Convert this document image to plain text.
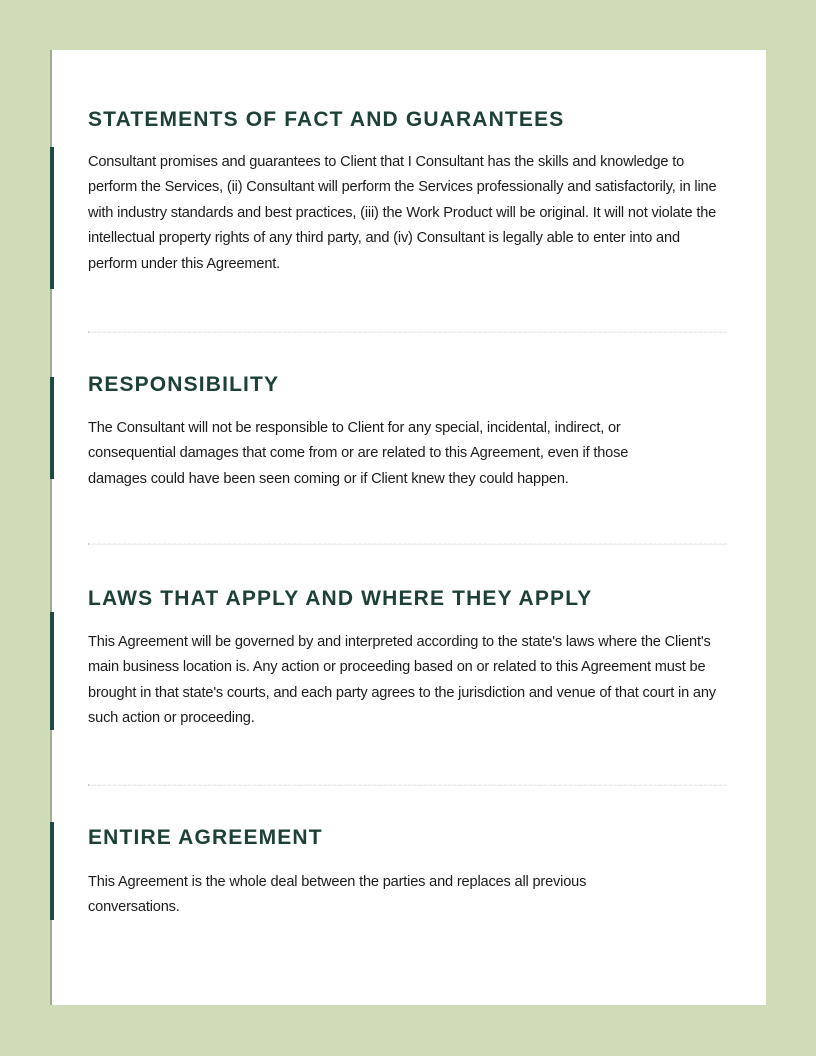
STATEMENTS OF FACT AND GUARANTEES

Consultant promises and guarantees to Client that I Consultant has the skills and knowledge to perform the Services, (ii) Consultant will perform the Services professionally and satisfactorily, in line with industry standards and best practices, (iii) the Work Product will be original. It will not violate the intellectual property rights of any third party, and (iv) Consultant is legally able to enter into and perform under this Agreement.

RESPONSIBILITY

The Consultant will not be responsible to Client for any special, incidental, indirect, or consequential damages that come from or are related to this Agreement, even if those damages could have been seen coming or if Client knew they could happen.

LAWS THAT APPLY AND WHERE THEY APPLY

This Agreement will be governed by and interpreted according to the state's laws where the Client's main business location is. Any action or proceeding based on or related to this Agreement must be brought in that state's courts, and each party agrees to the jurisdiction and venue of that court in any such action or proceeding.

ENTIRE AGREEMENT

This Agreement is the whole deal between the parties and replaces all previous conversations.
